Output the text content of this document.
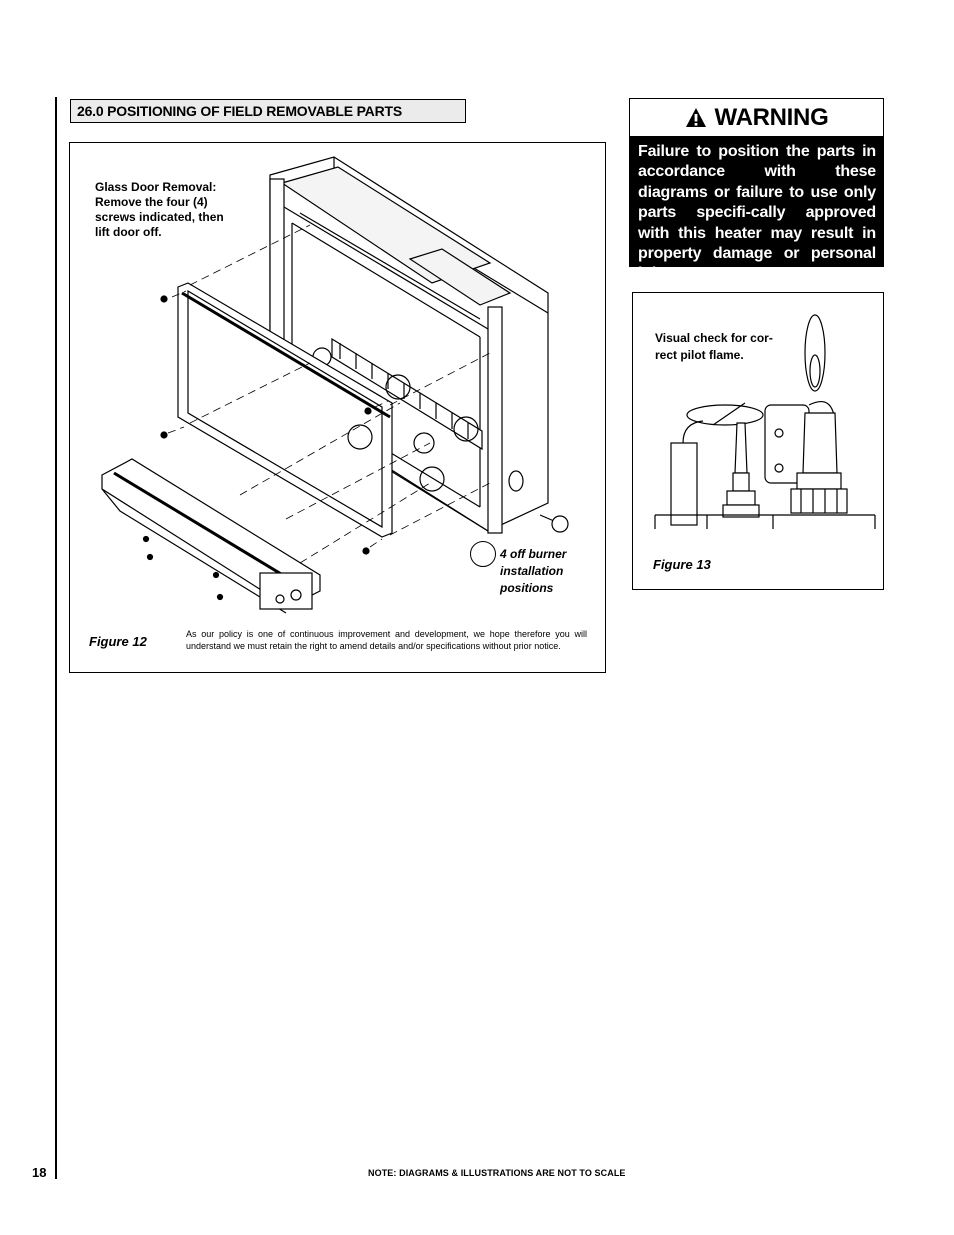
26.0 POSITIONING OF FIELD REMOVABLE PARTS
Glass Door Removal: Remove the four (4) screws indicated, then lift door off.
4 off burner installation positions
Figure 12	As our policy is one of continuous improvement and development, we hope therefore you will understand we must retain the right to amend details and/or specifications without prior notice.
WARNING
Failure to position the parts in accordance with these diagrams or failure to use only parts specifi-cally approved with this heater may result in property damage or personal injury.
Visual check for cor-rect pilot flame.
Figure 13
18	NOTE: DIAGRAMS & ILLUSTRATIONS ARE NOT TO SCALE
